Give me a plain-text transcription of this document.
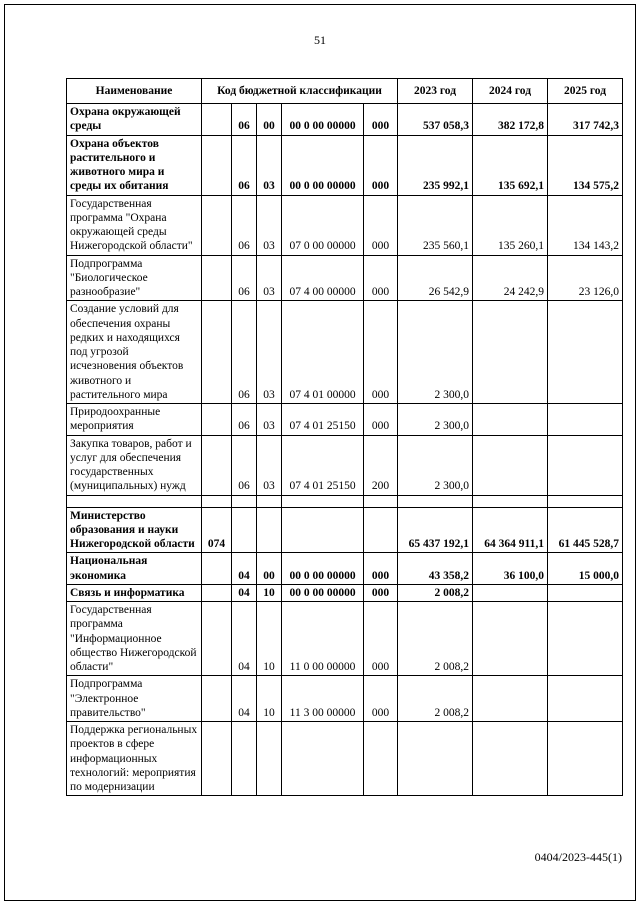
51
Наименование	Код бюджетной классификации					2023 год	2024 год	2025 год
Охрана окружающей среды		06	00	00 0 00 00000	000	537 058,3	382 172,8	317 742,3
Охрана объектов растительного и животного мира и среды их обитания		06	03	00 0 00 00000	000	235 992,1	135 692,1	134 575,2
Государственная программа "Охрана окружающей среды Нижегородской области"		06	03	07 0 00 00000	000	235 560,1	135 260,1	134 143,2
Подпрограмма "Биологическое разнообразие"		06	03	07 4 00 00000	000	26 542,9	24 242,9	23 126,0
Создание условий для обеспечения охраны редких и находящихся под угрозой исчезновения объектов животного и растительного мира		06	03	07 4 01 00000	000	2 300,0		
Природоохранные мероприятия		06	03	07 4 01 25150	000	2 300,0		
Закупка товаров, работ и услуг для обеспечения государственных (муниципальных) нужд		06	03	07 4 01 25150	200	2 300,0		

Министерство образования и науки Нижегородской области	074					65 437 192,1	64 364 911,1	61 445 528,7
Национальная экономика		04	00	00 0 00 00000	000	43 358,2	36 100,0	15 000,0
Связь и информатика		04	10	00 0 00 00000	000	2 008,2		
Государственная программа "Информационное общество Нижегородской области"		04	10	11 0 00 00000	000	2 008,2		
Подпрограмма "Электронное правительство"		04	10	11 3 00 00000	000	2 008,2		
Поддержка региональных проектов в сфере информационных технологий: мероприятия по модернизации								
0404/2023-445(1)
